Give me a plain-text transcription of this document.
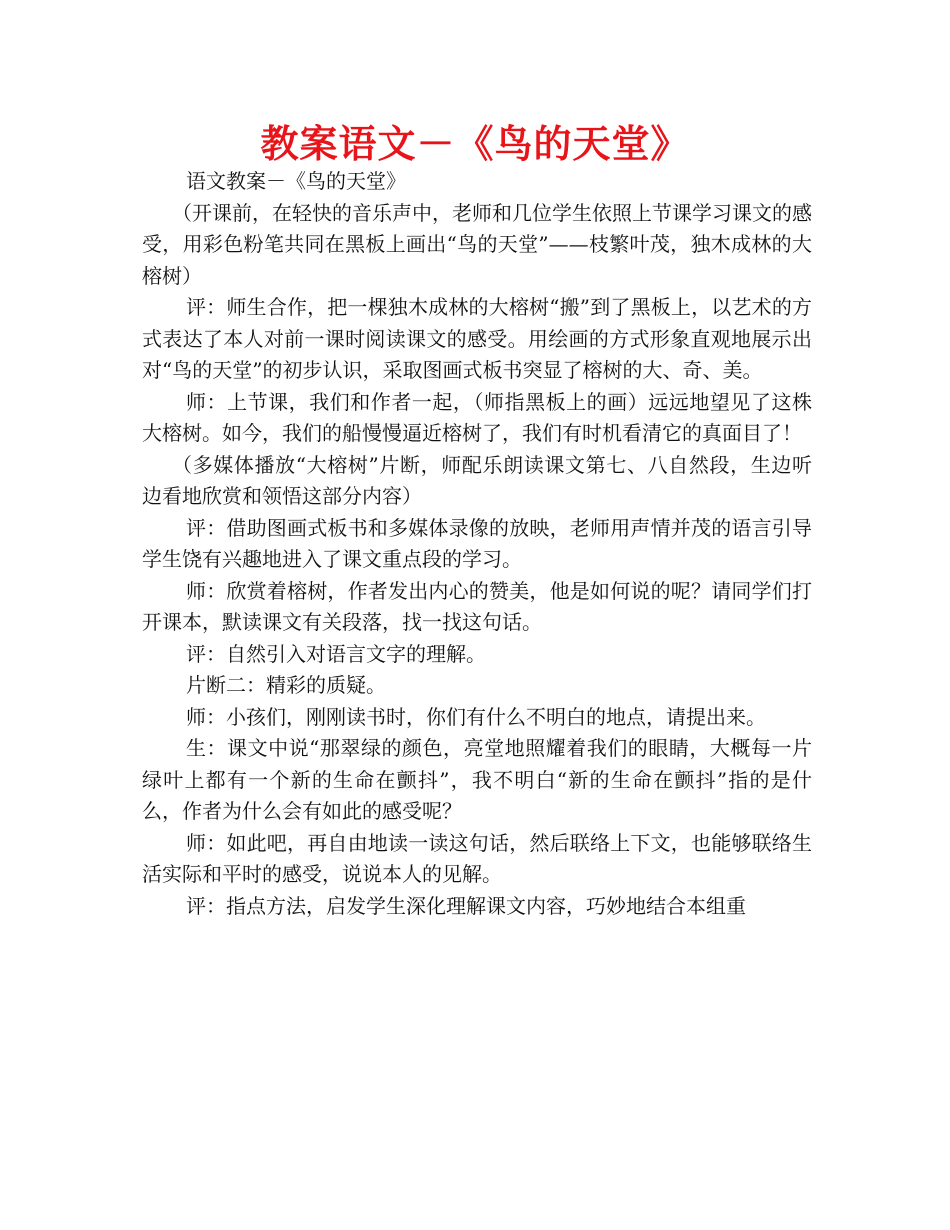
教案语文－《鸟的天堂》

语文教案－《鸟的天堂》

（开课前，在轻快的音乐声中，老师和几位学生依照上节课学习课文的感受，用彩色粉笔共同在黑板上画出“鸟的天堂”——枝繁叶茂，独木成林的大榕树）

评：师生合作，把一棵独木成林的大榕树“搬”到了黑板上，以艺术的方式表达了本人对前一课时阅读课文的感受。用绘画的方式形象直观地展示出对“鸟的天堂”的初步认识，采取图画式板书突显了榕树的大、奇、美。

师：上节课，我们和作者一起，（师指黑板上的画）远远地望见了这株大榕树。如今，我们的船慢慢逼近榕树了，我们有时机看清它的真面目了！

（多媒体播放“大榕树”片断，师配乐朗读课文第七、八自然段，生边听边看地欣赏和领悟这部分内容）

评：借助图画式板书和多媒体录像的放映，老师用声情并茂的语言引导学生饶有兴趣地进入了课文重点段的学习。

师：欣赏着榕树，作者发出内心的赞美，他是如何说的呢？请同学们打开课本，默读课文有关段落，找一找这句话。

评：自然引入对语言文字的理解。

片断二：精彩的质疑。

师：小孩们，刚刚读书时，你们有什么不明白的地点，请提出来。

生：课文中说“那翠绿的颜色，亮堂地照耀着我们的眼睛，大概每一片绿叶上都有一个新的生命在颤抖”，我不明白“新的生命在颤抖”指的是什么，作者为什么会有如此的感受呢？

师：如此吧，再自由地读一读这句话，然后联络上下文，也能够联络生活实际和平时的感受，说说本人的见解。

评：指点方法，启发学生深化理解课文内容，巧妙地结合本组重
